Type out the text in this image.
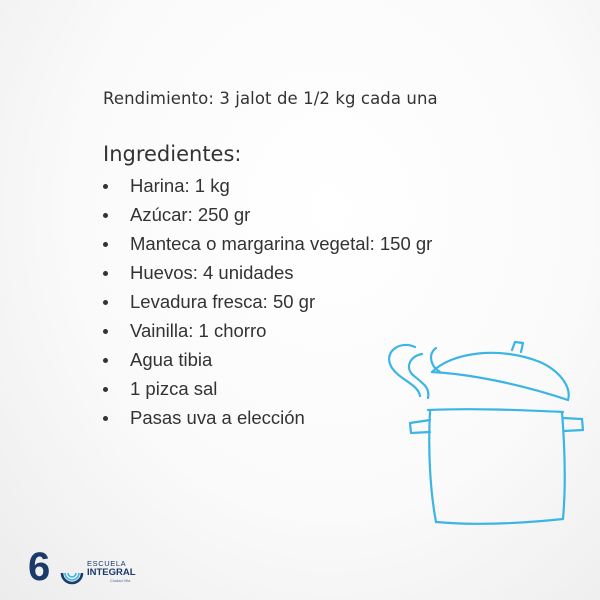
Rendimiento: 3 jalot de 1/2 kg cada una
Ingredientes:
Harina: 1 kg
Azúcar: 250 gr
Manteca o margarina vegetal: 150 gr
Huevos: 4 unidades
Levadura fresca: 50 gr
Vainilla: 1 chorro
Agua tibia
1 pizca sal
Pasas uva a elección
6	ESCUELA
INTEGRAL
Ciudad Vila
